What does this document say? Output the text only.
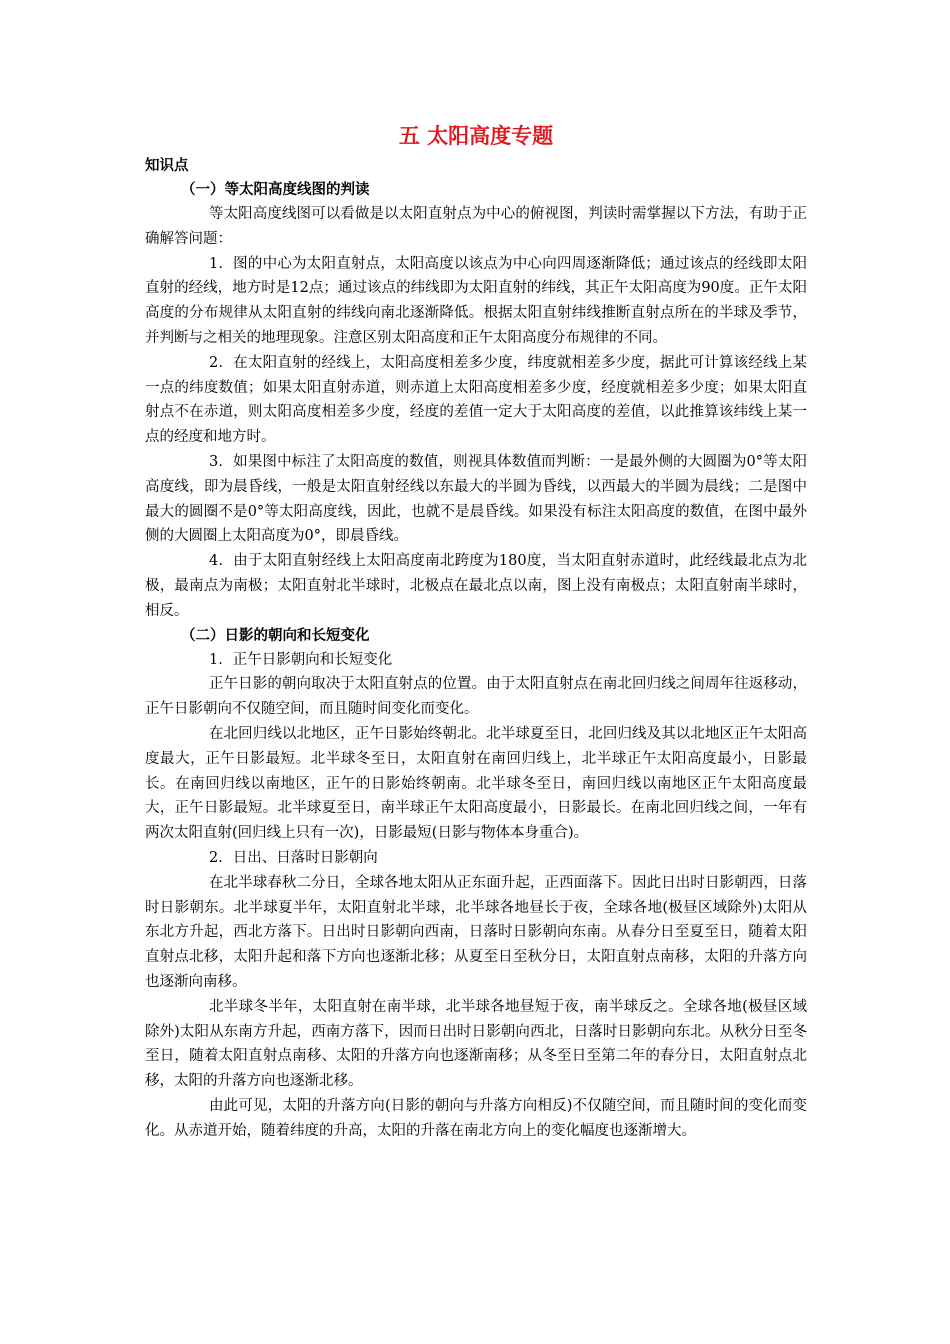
五 太阳高度专题
知识点
（一）等太阳高度线图的判读

等太阳高度线图可以看做是以太阳直射点为中心的俯视图，判读时需掌握以下方法，有助于正确解答问题：

1．图的中心为太阳直射点，太阳高度以该点为中心向四周逐渐降低；通过该点的经线即太阳直射的经线，地方时是12点；通过该点的纬线即为太阳直射的纬线，其正午太阳高度为90度。正午太阳高度的分布规律从太阳直射的纬线向南北逐渐降低。根据太阳直射纬线推断直射点所在的半球及季节，并判断与之相关的地理现象。注意区别太阳高度和正午太阳高度分布规律的不同。

2．在太阳直射的经线上，太阳高度相差多少度，纬度就相差多少度，据此可计算该经线上某一点的纬度数值；如果太阳直射赤道，则赤道上太阳高度相差多少度，经度就相差多少度；如果太阳直射点不在赤道，则太阳高度相差多少度，经度的差值一定大于太阳高度的差值，以此推算该纬线上某一点的经度和地方时。

3．如果图中标注了太阳高度的数值，则视具体数值而判断：一是最外侧的大圆圈为0°等太阳高度线，即为晨昏线，一般是太阳直射经线以东最大的半圆为昏线，以西最大的半圆为晨线；二是图中最大的圆圈不是0°等太阳高度线，因此，也就不是晨昏线。如果没有标注太阳高度的数值，在图中最外侧的大圆圈上太阳高度为0°，即晨昏线。

4．由于太阳直射经线上太阳高度南北跨度为180度，当太阳直射赤道时，此经线最北点为北极，最南点为南极；太阳直射北半球时，北极点在最北点以南，图上没有南极点；太阳直射南半球时，相反。

（二）日影的朝向和长短变化
1．正午日影朝向和长短变化

正午日影的朝向取决于太阳直射点的位置。由于太阳直射点在南北回归线之间周年往返移动，正午日影朝向不仅随空间，而且随时间变化而变化。

在北回归线以北地区，正午日影始终朝北。北半球夏至日，北回归线及其以北地区正午太阳高度最大，正午日影最短。北半球冬至日，太阳直射在南回归线上，北半球正午太阳高度最小，日影最长。在南回归线以南地区，正午的日影始终朝南。北半球冬至日，南回归线以南地区正午太阳高度最大，正午日影最短。北半球夏至日，南半球正午太阳高度最小，日影最长。在南北回归线之间，一年有两次太阳直射(回归线上只有一次)，日影最短(日影与物体本身重合)。

2．日出、日落时日影朝向

在北半球春秋二分日，全球各地太阳从正东面升起，正西面落下。因此日出时日影朝西，日落时日影朝东。北半球夏半年，太阳直射北半球，北半球各地昼长于夜，全球各地(极昼区域除外)太阳从东北方升起，西北方落下。日出时日影朝向西南，日落时日影朝向东南。从春分日至夏至日，随着太阳直射点北移，太阳升起和落下方向也逐渐北移；从夏至日至秋分日，太阳直射点南移，太阳的升落方向也逐渐向南移。

北半球冬半年，太阳直射在南半球，北半球各地昼短于夜，南半球反之。全球各地(极昼区域除外)太阳从东南方升起，西南方落下，因而日出时日影朝向西北，日落时日影朝向东北。从秋分日至冬至日，随着太阳直射点南移、太阳的升落方向也逐渐南移；从冬至日至第二年的春分日，太阳直射点北移，太阳的升落方向也逐渐北移。

由此可见，太阳的升落方向(日影的朝向与升落方向相反)不仅随空间，而且随时间的变化而变化。从赤道开始，随着纬度的升高，太阳的升落在南北方向上的变化幅度也逐渐增大。
